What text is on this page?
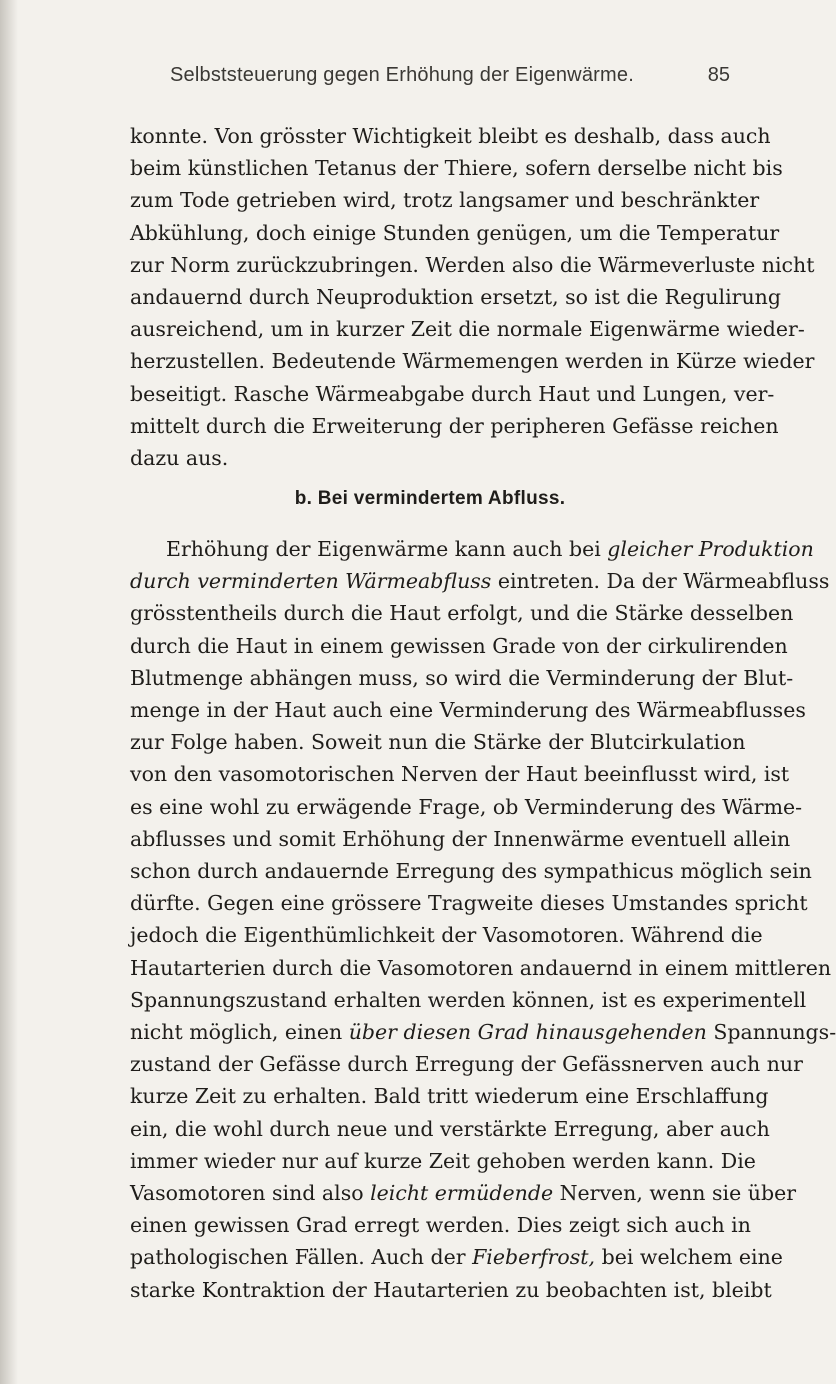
Selbststeuerung gegen Erhöhung der Eigenwärme.	85
konnte. Von grösster Wichtigkeit bleibt es deshalb, dass auch
beim künstlichen Tetanus der Thiere, sofern derselbe nicht bis
zum Tode getrieben wird, trotz langsamer und beschränkter
Abkühlung, doch einige Stunden genügen, um die Temperatur
zur Norm zurückzubringen. Werden also die Wärmeverluste nicht
andauernd durch Neuproduktion ersetzt, so ist die Regulirung
ausreichend, um in kurzer Zeit die normale Eigenwärme wieder-
herzustellen. Bedeutende Wärmemengen werden in Kürze wieder
beseitigt. Rasche Wärmeabgabe durch Haut und Lungen, ver-
mittelt durch die Erweiterung der peripheren Gefässe reichen
dazu aus.
b. Bei vermindertem Abfluss.
Erhöhung der Eigenwärme kann auch bei gleicher Produktion
durch verminderten Wärmeabfluss eintreten. Da der Wärmeabfluss
grösstentheils durch die Haut erfolgt, und die Stärke desselben
durch die Haut in einem gewissen Grade von der cirkulirenden
Blutmenge abhängen muss, so wird die Verminderung der Blut-
menge in der Haut auch eine Verminderung des Wärmeabflusses
zur Folge haben. Soweit nun die Stärke der Blutcirkulation
von den vasomotorischen Nerven der Haut beeinflusst wird, ist
es eine wohl zu erwägende Frage, ob Verminderung des Wärme-
abflusses und somit Erhöhung der Innenwärme eventuell allein
schon durch andauernde Erregung des sympathicus möglich sein
dürfte. Gegen eine grössere Tragweite dieses Umstandes spricht
jedoch die Eigenthümlichkeit der Vasomotoren. Während die
Hautarterien durch die Vasomotoren andauernd in einem mittleren
Spannungszustand erhalten werden können, ist es experimentell
nicht möglich, einen über diesen Grad hinausgehenden Spannungs-
zustand der Gefässe durch Erregung der Gefässnerven auch nur
kurze Zeit zu erhalten. Bald tritt wiederum eine Erschlaffung
ein, die wohl durch neue und verstärkte Erregung, aber auch
immer wieder nur auf kurze Zeit gehoben werden kann. Die
Vasomotoren sind also leicht ermüdende Nerven, wenn sie über
einen gewissen Grad erregt werden. Dies zeigt sich auch in
pathologischen Fällen. Auch der Fieberfrost, bei welchem eine
starke Kontraktion der Hautarterien zu beobachten ist, bleibt
